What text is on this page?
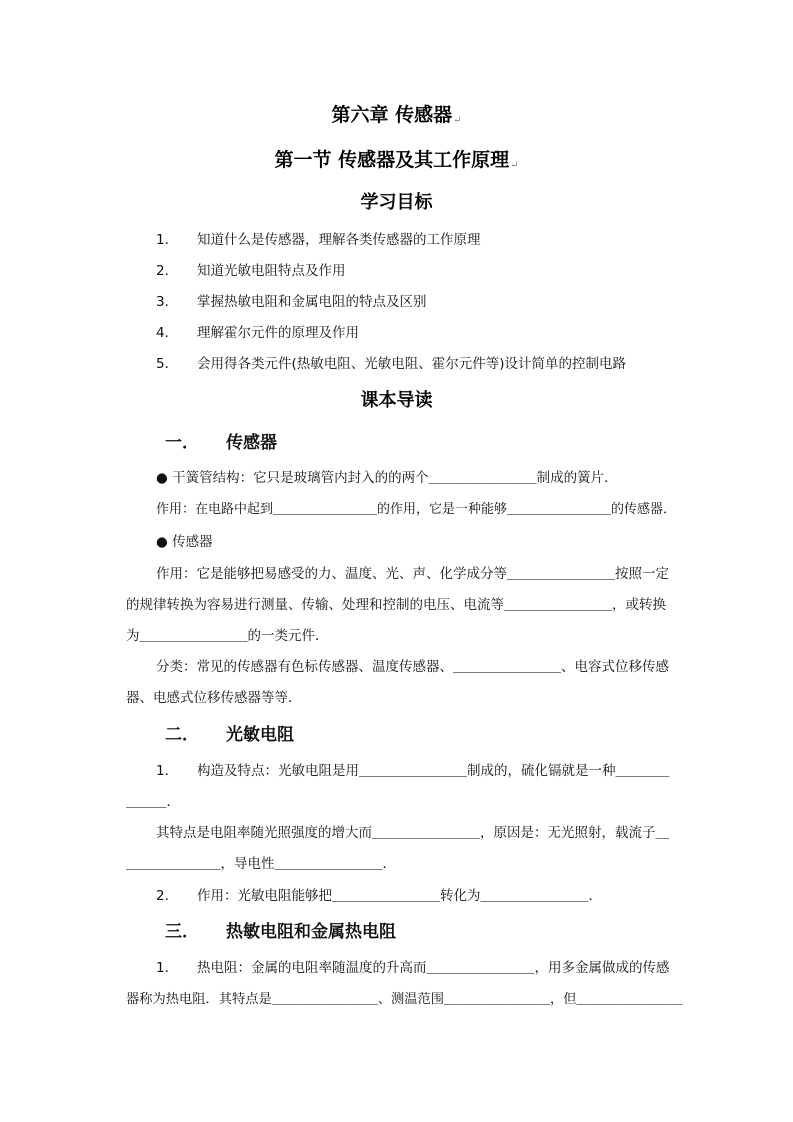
第六章 传感器↵
第一节 传感器及其工作原理↵
学习目标
1． 知道什么是传感器，理解各类传感器的工作原理
2． 知道光敏电阻特点及作用
3． 掌握热敏电阻和金属电阻的特点及区别
4． 理解霍尔元件的原理及作用
5． 会用得各类元件(热敏电阻、光敏电阻、霍尔元件等)设计简单的控制电路
课本导读
一． 传感器
● 干簧管结构：它只是玻璃管内封入的的两个＿＿＿＿＿＿＿＿制成的簧片．
作用：在电路中起到＿＿＿＿＿＿＿＿的作用，它是一种能够＿＿＿＿＿＿＿＿的传感器．
● 传感器
作用：它是能够把易感受的力、温度、光、声、化学成分等＿＿＿＿＿＿＿＿按照一定
的规律转换为容易进行测量、传输、处理和控制的电压、电流等＿＿＿＿＿＿＿＿，或转换
为＿＿＿＿＿＿＿＿的一类元件．
分类：常见的传感器有色标传感器、温度传感器、＿＿＿＿＿＿＿＿、电容式位移传感
器、电感式位移传感器等等．
二． 光敏电阻
1． 构造及特点：光敏电阻是用＿＿＿＿＿＿＿＿制成的，硫化镉就是一种＿＿＿＿
＿＿＿．
其特点是电阻率随光照强度的增大而＿＿＿＿＿＿＿＿，原因是：无光照射，载流子＿
＿＿＿＿＿＿＿，导电性＿＿＿＿＿＿＿＿．
2． 作用：光敏电阻能够把＿＿＿＿＿＿＿＿转化为＿＿＿＿＿＿＿＿．
三． 热敏电阻和金属热电阻
1． 热电阻：金属的电阻率随温度的升高而＿＿＿＿＿＿＿＿，用多金属做成的传感
器称为热电阻．其特点是＿＿＿＿＿＿＿＿、测温范围＿＿＿＿＿＿＿＿，但＿＿＿＿＿＿＿＿
